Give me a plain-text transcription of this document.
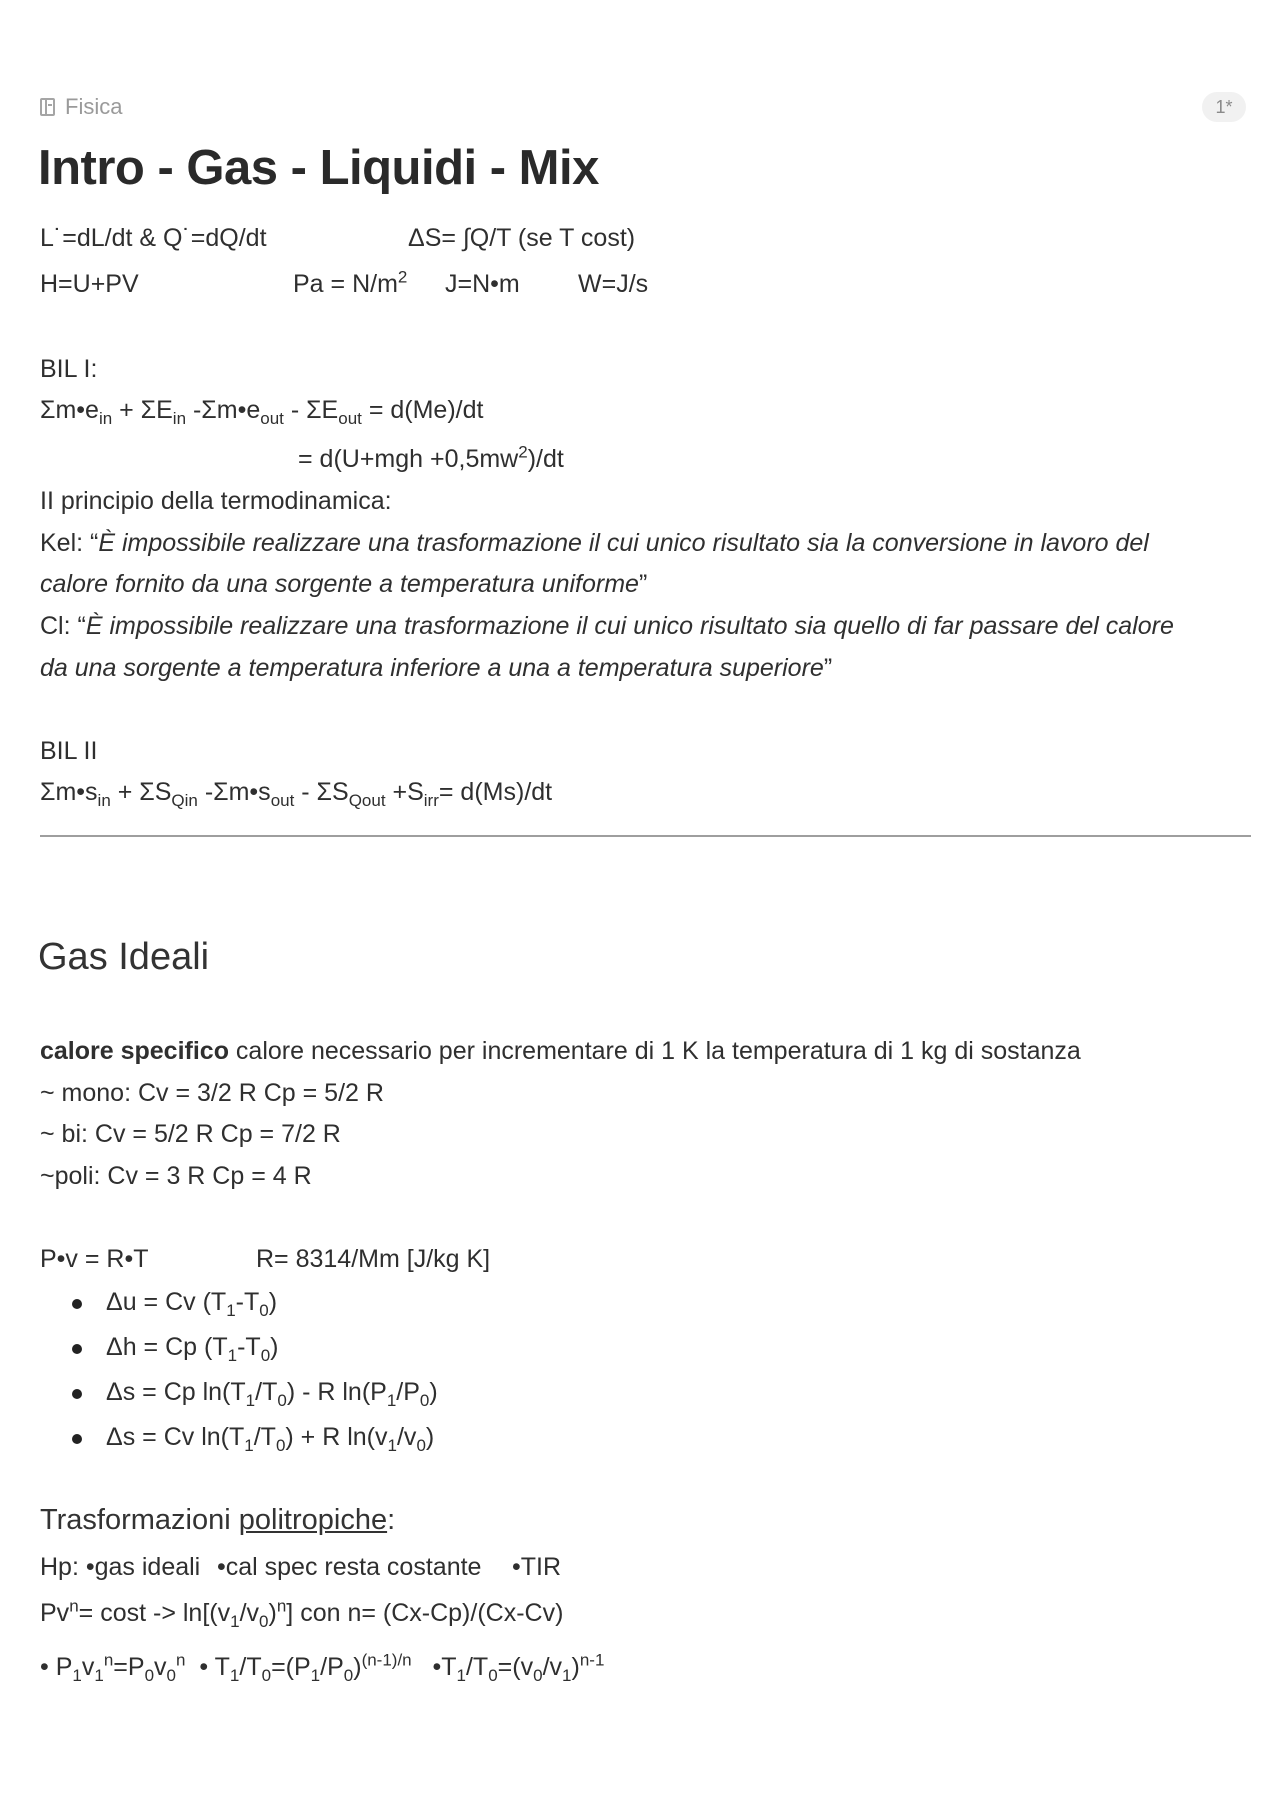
Fisica	1*
Intro - Gas - Liquidi - Mix
L˙=dL/dt & Q˙=dQ/dt	ΔS= ∫Q/T (se T cost)
H=U+PV	$Pa = N/m^2$ J=N•m W=J/s
BIL I:
$\Sigma m•e_{in} + \Sigma E_{in}$ $-\Sigma m•e_{out} - \Sigma E_{out} = d(Me)/dt$
= $d(U+mgh +0,5mw^2)/dt$
II principio della termodinamica:
Kel: “È impossibile realizzare una trasformazione il cui unico risultato sia la conversione in lavoro del
calore fornito da una sorgente a temperatura uniforme”
Cl: “È impossibile realizzare una trasformazione il cui unico risultato sia quello di far passare del calore
da una sorgente a temperatura inferiore a una a temperatura superiore”
BIL II
$\Sigma m•s_{in} + \Sigma S_{Qin}$ $-\Sigma m•s_{out} - \Sigma S_{Qout} +S_{irr}= d(Ms)/dt$
Gas Ideali
calore specifico calore necessario per incrementare di 1 K la temperatura di 1 kg di sostanza
~ mono: Cv = 3/2 R Cp = 5/2 R
~ bi: Cv = 5/2 R Cp = 7/2 R
~poli: Cv = 3 R Cp = 4 R
P•v = R•T	R= 8314/Mm [J/kg K]
Δu = Cv $(T_1-T_0)$
Δh = Cp $(T_1-T_0)$
Δs = Cp $\ln(T_1/T_0)$ - R $\ln(P_1/P_0)$
Δs = Cv $\ln(T_1/T_0) + R$ $\ln(v_1/v_0)$
Trasformazioni politropiche:
Hp: •gas ideali •cal spec resta costante •TIR
$Pv^n= \cos t -> \ln[(v_1/v_0)^n]$ con n= (Cx-Cp)/(Cx-Cv)
• $P_1v_1^n=P_0v_0^n$ • $T_1/T_0=(P_1/P_0)^{(n-1)/n}$ $•T_1/T_0=(v_0/v_1)^{n-1}$
